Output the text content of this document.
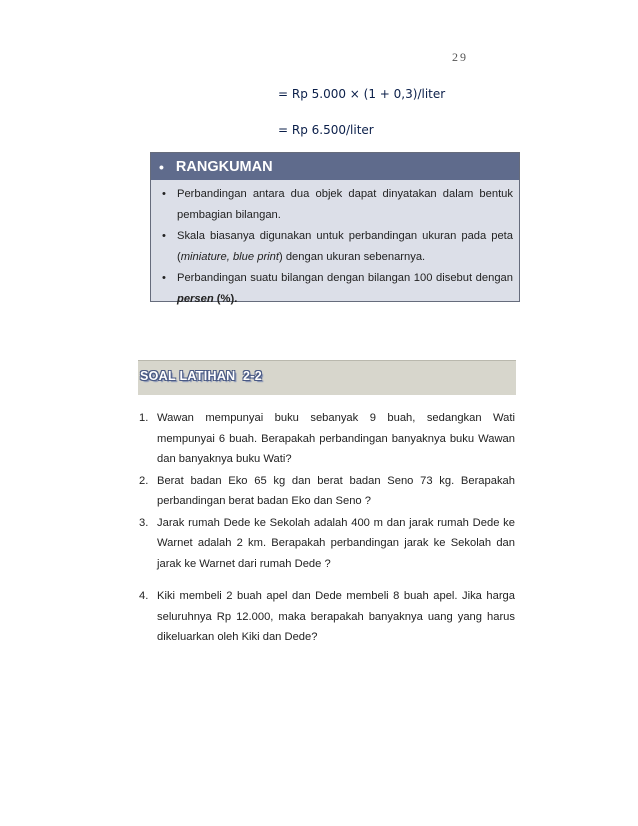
29
= Rp 5.000 × (1 + 0,3)/liter
= Rp 6.500/liter
• RANGKUMAN
• Perbandingan antara dua objek dapat dinyatakan dalam bentuk pembagian bilangan.
• Skala biasanya digunakan untuk perbandingan ukuran pada peta (miniature, blue print) dengan ukuran sebenarnya.
• Perbandingan suatu bilangan dengan bilangan 100 disebut dengan persen (%).
SOAL LATIHAN  2-2
1. Wawan mempunyai buku sebanyak 9 buah, sedangkan Wati mempunyai 6 buah. Berapakah perbandingan banyaknya buku Wawan dan banyaknya buku Wati?
2. Berat badan Eko 65 kg dan berat badan Seno 73 kg. Berapakah perbandingan berat badan Eko dan Seno ?
3. Jarak rumah Dede ke Sekolah adalah 400 m dan jarak rumah Dede ke Warnet adalah 2 km. Berapakah perbandingan jarak ke Sekolah dan jarak ke Warnet dari rumah Dede ?
4. Kiki membeli 2 buah apel dan Dede membeli 8 buah apel. Jika harga seluruhnya Rp 12.000, maka berapakah banyaknya uang yang harus dikeluarkan oleh Kiki dan Dede?
